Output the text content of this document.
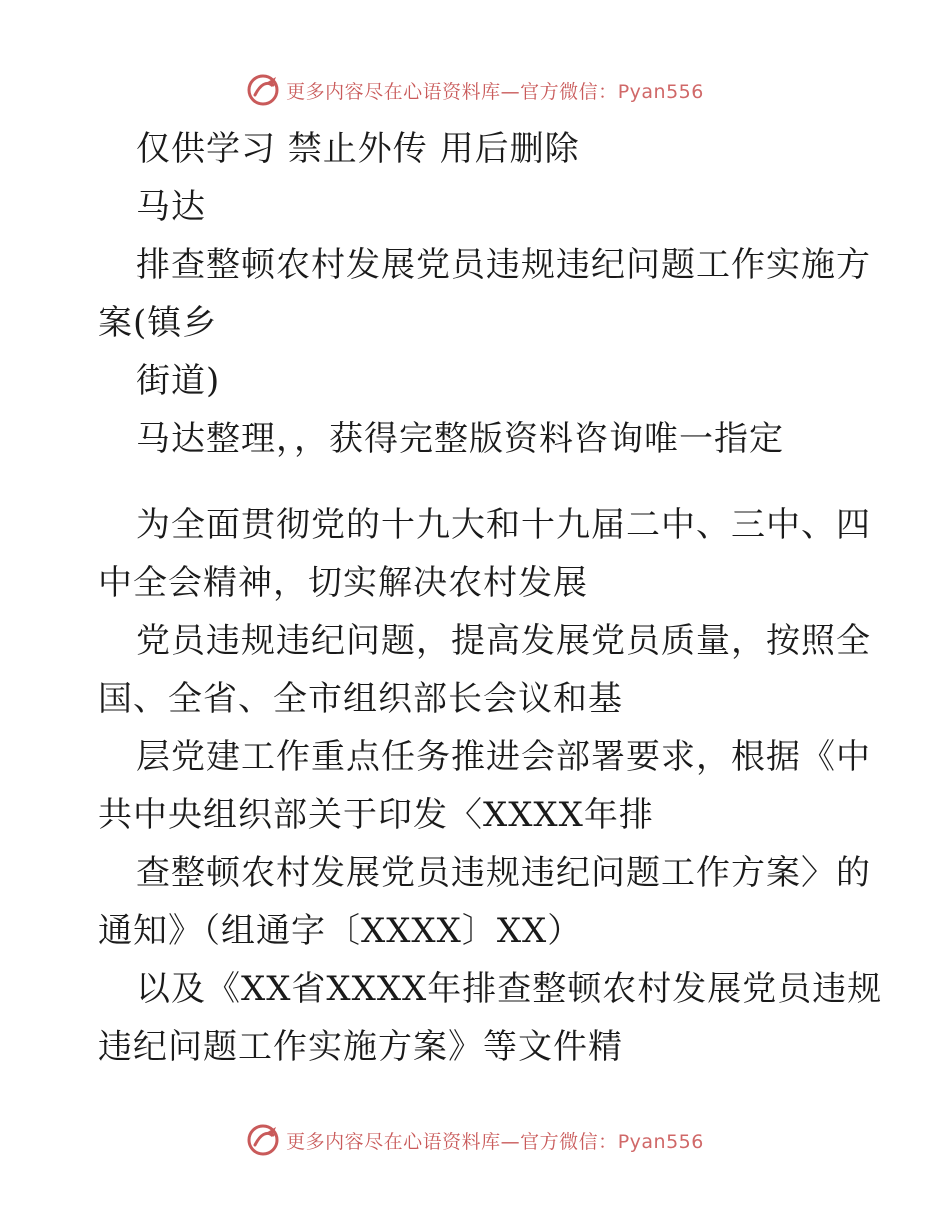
更多内容尽在心语资料库—官方微信：Pyan556
仅供学习 禁止外传 用后删除
马达
排查整顿农村发展党员违规违纪问题工作实施方
案(镇乡
街道)
马达整理，，获得完整版资料咨询唯一指定
为全面贯彻党的十九大和十九届二中、三中、四
中全会精神，切实解决农村发展
党员违规违纪问题，提高发展党员质量，按照全
国、全省、全市组织部长会议和基
层党建工作重点任务推进会部署要求，根据《中
共中央组织部关于印发〈XXXX年排
查整顿农村发展党员违规违纪问题工作方案〉的
通知》（组通字〔XXXX〕XX）
以及《XX省XXXX年排查整顿农村发展党员违规
违纪问题工作实施方案》等文件精
更多内容尽在心语资料库—官方微信：Pyan556
